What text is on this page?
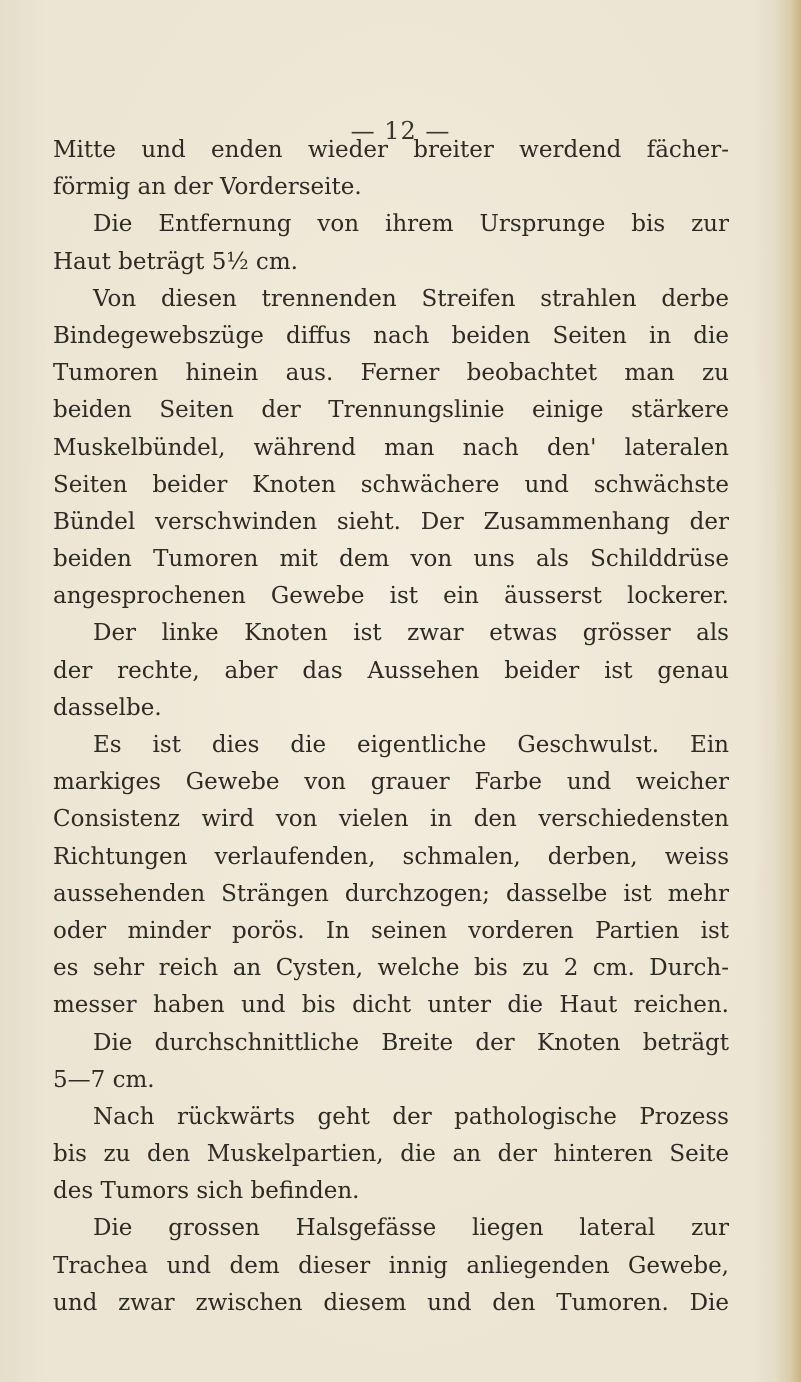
— 12 —
Mitte und enden wieder breiter werdend fächer-
förmig an der Vorderseite.
Die Entfernung von ihrem Ursprunge bis zur
Haut beträgt 5½ cm.
Von diesen trennenden Streifen strahlen derbe
Bindegewebszüge diffus nach beiden Seiten in die
Tumoren hinein aus. Ferner beobachtet man zu
beiden Seiten der Trennungslinie einige stärkere
Muskelbündel, während man nach den' lateralen
Seiten beider Knoten schwächere und schwächste
Bündel verschwinden sieht. Der Zusammenhang der
beiden Tumoren mit dem von uns als Schilddrüse
angesprochenen Gewebe ist ein äusserst lockerer.
Der linke Knoten ist zwar etwas grösser als
der rechte, aber das Aussehen beider ist genau
dasselbe.
Es ist dies die eigentliche Geschwulst. Ein
markiges Gewebe von grauer Farbe und weicher
Consistenz wird von vielen in den verschiedensten
Richtungen verlaufenden, schmalen, derben, weiss
aussehenden Strängen durchzogen; dasselbe ist mehr
oder minder porös. In seinen vorderen Partien ist
es sehr reich an Cysten, welche bis zu 2 cm. Durch-
messer haben und bis dicht unter die Haut reichen.
Die durchschnittliche Breite der Knoten beträgt
5—7 cm.
Nach rückwärts geht der pathologische Prozess
bis zu den Muskelpartien, die an der hinteren Seite
des Tumors sich befinden.
Die grossen Halsgefässe liegen lateral zur
Trachea und dem dieser innig anliegenden Gewebe,
und zwar zwischen diesem und den Tumoren. Die
